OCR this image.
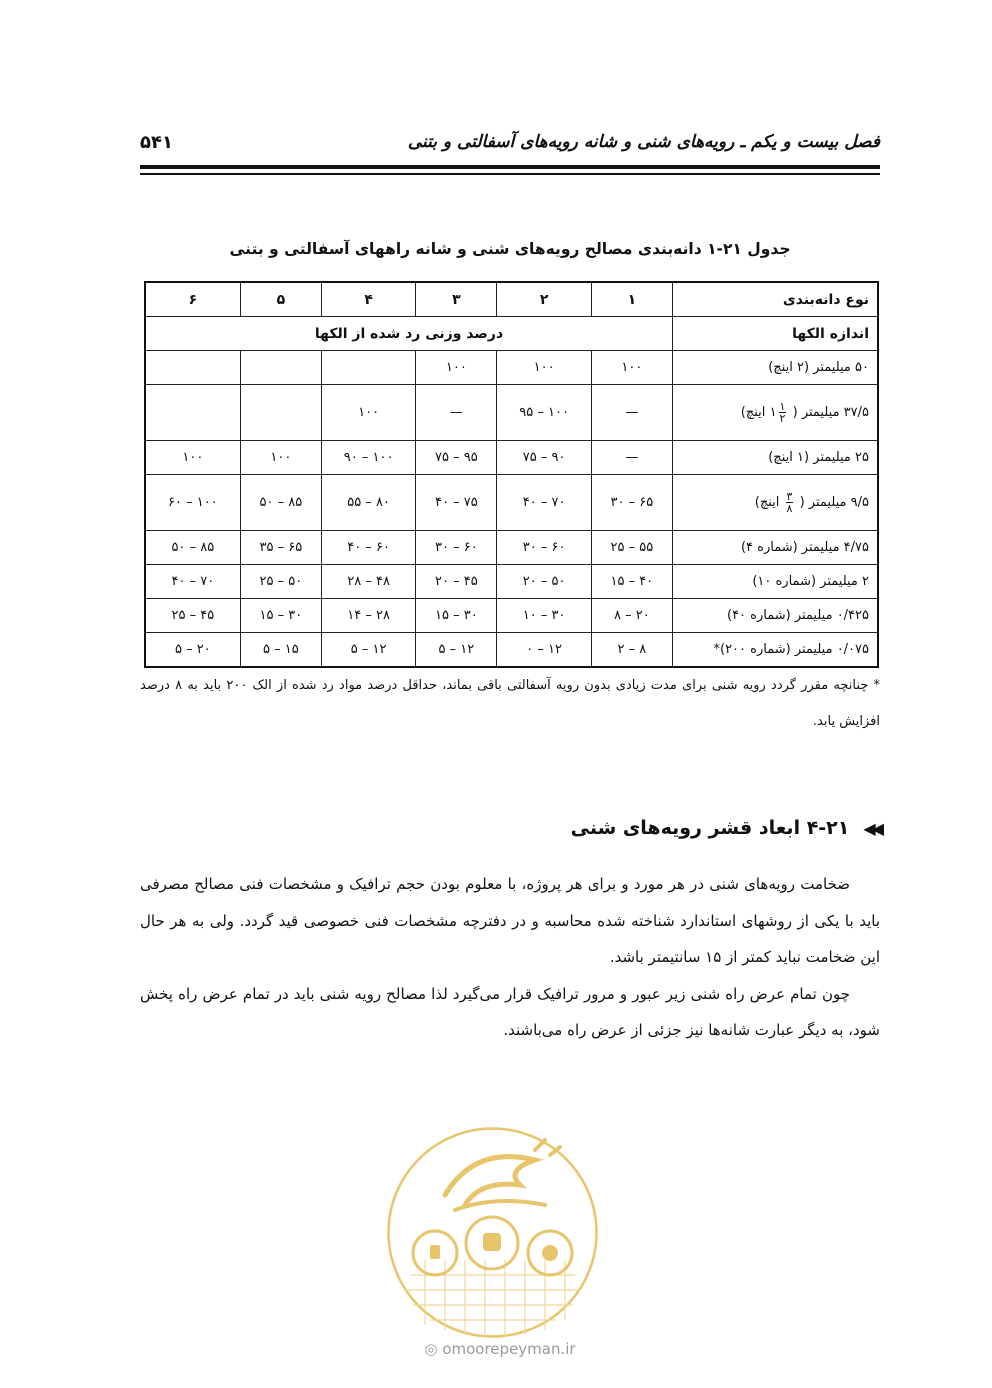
فصل بیست و یکم ـ رویه‌های شنی و شانه رویه‌های آسفالتی و بتنی
۵۴۱
جدول ۲۱-۱ دانه‌بندی مصالح رویه‌های شنی و شانه راههای آسفالتی و بتنی
نوع دانه‌بندی	۱	۲	۳	۴	۵	۶
اندازه الکها	درصد وزنی رد شده از الکها					
۵۰ میلیمتر (۲ اینچ)	۱۰۰	۱۰۰	۱۰۰			
۳۷/۵ میلیمتر (
$\frac{۱}{۲}$
۱ اینچ)	—	۱۰۰ – ۹۵	—	۱۰۰		
۲۵ میلیمتر (۱ اینچ)	—	۹۰ – ۷۵	۹۵ – ۷۵	۱۰۰ – ۹۰	۱۰۰	۱۰۰
۹/۵ میلیمتر (
$\frac{۳}{۸}$
اینچ)	۶۵ – ۳۰	۷۰ – ۴۰	۷۵ – ۴۰	۸۰ – ۵۵	۸۵ – ۵۰	۱۰۰ – ۶۰
۴/۷۵ میلیمتر (شماره ۴)	۵۵ – ۲۵	۶۰ – ۳۰	۶۰ – ۳۰	۶۰ – ۴۰	۶۵ – ۳۵	۸۵ – ۵۰
۲ میلیمتر (شماره ۱۰)	۴۰ – ۱۵	۵۰ – ۲۰	۴۵ – ۲۰	۴۸ – ۲۸	۵۰ – ۲۵	۷۰ – ۴۰
۰/۴۲۵ میلیمتر (شماره ۴۰)	۲۰ – ۸	۳۰ – ۱۰	۳۰ – ۱۵	۲۸ – ۱۴	۳۰ – ۱۵	۴۵ – ۲۵
۰/۰۷۵ میلیمتر (شماره ۲۰۰)*	۸ – ۲	۱۲ – ۰	۱۲ – ۵	۱۲ – ۵	۱۵ – ۵	۲۰ – ۵
* چنانچه مقرر گردد رویه شنی برای مدت زیادی بدون رویه آسفالتی باقی بماند، حداقل درصد مواد رد شده از الک ۲۰۰ باید به ۸ درصد افزایش یابد.
◀◀
۴-۲۱ ابعاد قشر رویه‌های شنی

ضخامت رویه‌های شنی در هر مورد و برای هر پروژه، با معلوم بودن حجم ترافیک و مشخصات فنی مصالح مصرفی باید با یکی از روشهای استاندارد شناخته شده محاسبه و در دفترچه مشخصات فنی خصوصی قید گردد. ولی به هر حال این ضخامت نباید کمتر از ۱۵ سانتیمتر باشد.

چون تمام عرض راه شنی زیر عبور و مرور ترافیک قرار می‌گیرد لذا مصالح رویه شنی باید در تمام عرض راه پخش شود، به دیگر عبارت شانه‌ها نیز جزئی از عرض راه می‌باشند.

◎ omoorepeyman.ir
